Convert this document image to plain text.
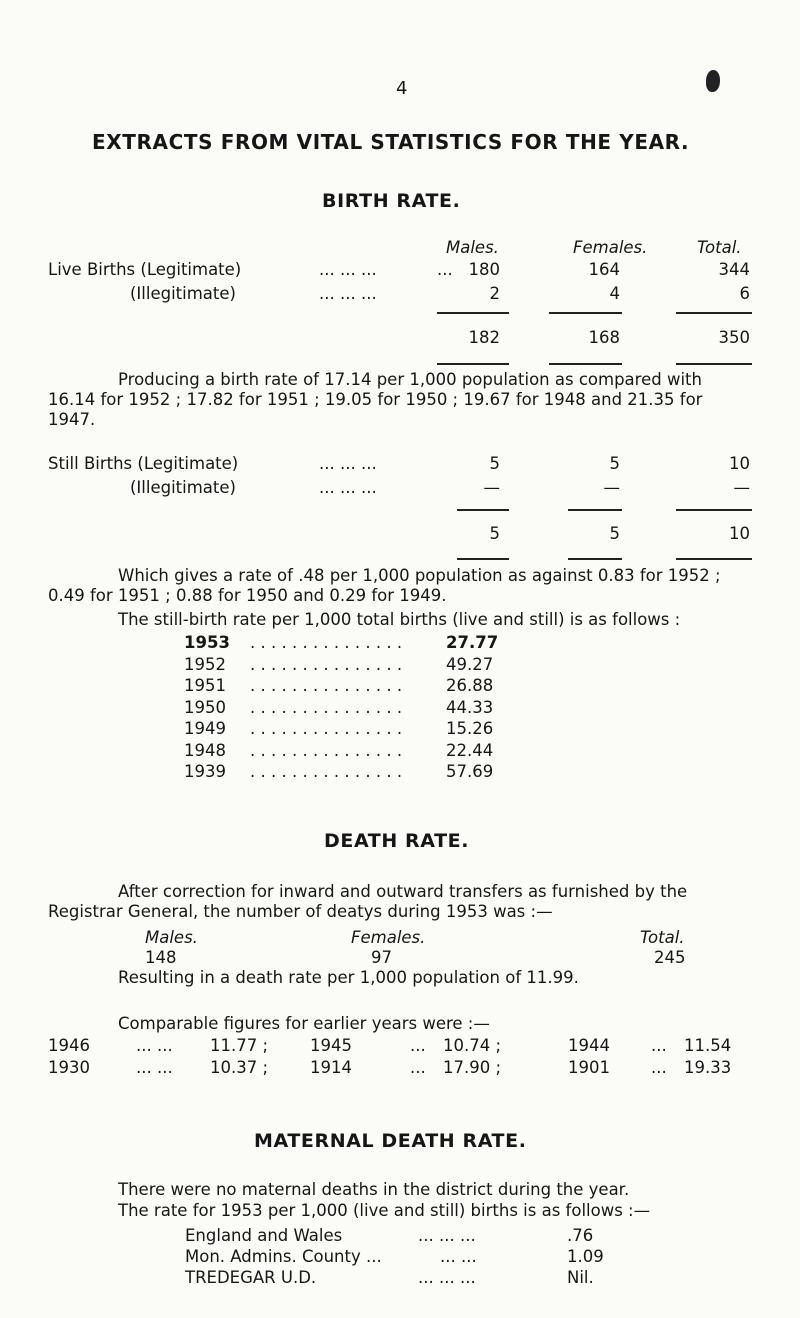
4
EXTRACTS FROM VITAL STATISTICS FOR THE YEAR.
BIRTH RATE.
Males.	Females.	Total.
Live Births (Legitimate)	... ... ...	... 180	164	344
(Illegitimate)	... ... ...	2	4	6
182	168	350
Producing a birth rate of 17.14 per 1,000 population as compared with
16.14 for 1952 ; 17.82 for 1951 ; 19.05 for 1950 ; 19.67 for 1948 and 21.35 for
1947.
Still Births (Legitimate)	... ... ...	5	5	10
(Illegitimate)	... ... ...	—	—	—
5	5	10
Which gives a rate of .48 per 1,000 population as against 0.83 for 1952 ;
0.49 for 1951 ; 0.88 for 1950 and 0.29 for 1949.
The still-birth rate per 1,000 total births (live and still) is as follows :
1953 . . . . . . . . . . . . . . .	27.77
1952 . . . . . . . . . . . . . . .	49.27
1951 . . . . . . . . . . . . . . .	26.88
1950 . . . . . . . . . . . . . . .	44.33
1949 . . . . . . . . . . . . . . .	15.26
1948 . . . . . . . . . . . . . . .	22.44
1939 . . . . . . . . . . . . . . .	57.69
DEATH RATE.
After correction for inward and outward transfers as furnished by the
Registrar General, the number of deatys during 1953 was :—
Males.	Females.	Total.
148	97	245
Resulting in a death rate per 1,000 population of 11.99.
Comparable figures for earlier years were :—
1946	... ... 11.77 ;	1945	... 10.74 ;	1944 ... 11.54
1930	... ... 10.37 ;	1914	... 17.90 ;	1901 ... 19.33
MATERNAL DEATH RATE.
There were no maternal deaths in the district during the year.
The rate for 1953 per 1,000 (live and still) births is as follows :—
England and Wales	... ... ...	.76
Mon. Admins. County ...	... ...	1.09
TREDEGAR U.D.	... ... ...	Nil.
